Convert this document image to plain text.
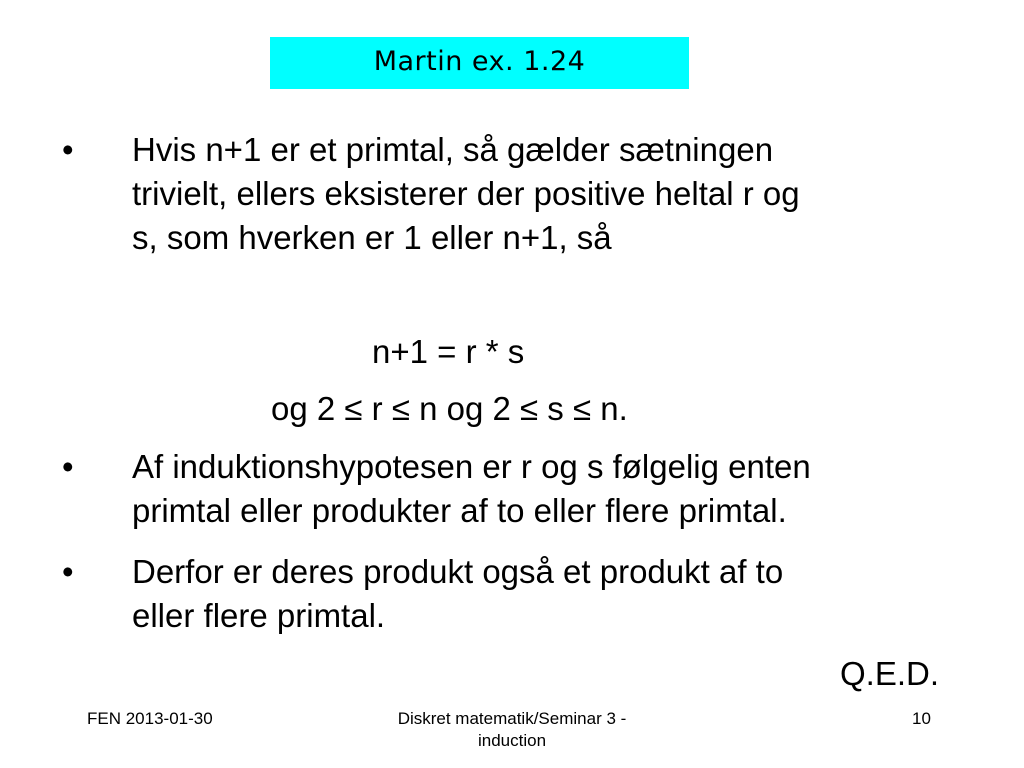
Martin ex. 1.24
• Hvis n+1 er et primtal, så gælder sætningen
trivielt, ellers eksisterer der positive heltal r og
s, som hverken er 1 eller n+1, så
n+1 = r * s
og 2 ≤ r ≤ n og 2 ≤ s ≤ n.
• Af induktionshypotesen er r og s følgelig enten
primtal eller produkter af to eller flere primtal.
• Derfor er deres produkt også et produkt af to
eller flere primtal.
Q.E.D.
FEN 2013-01-30	Diskret matematik/Seminar 3 -
induction
10
